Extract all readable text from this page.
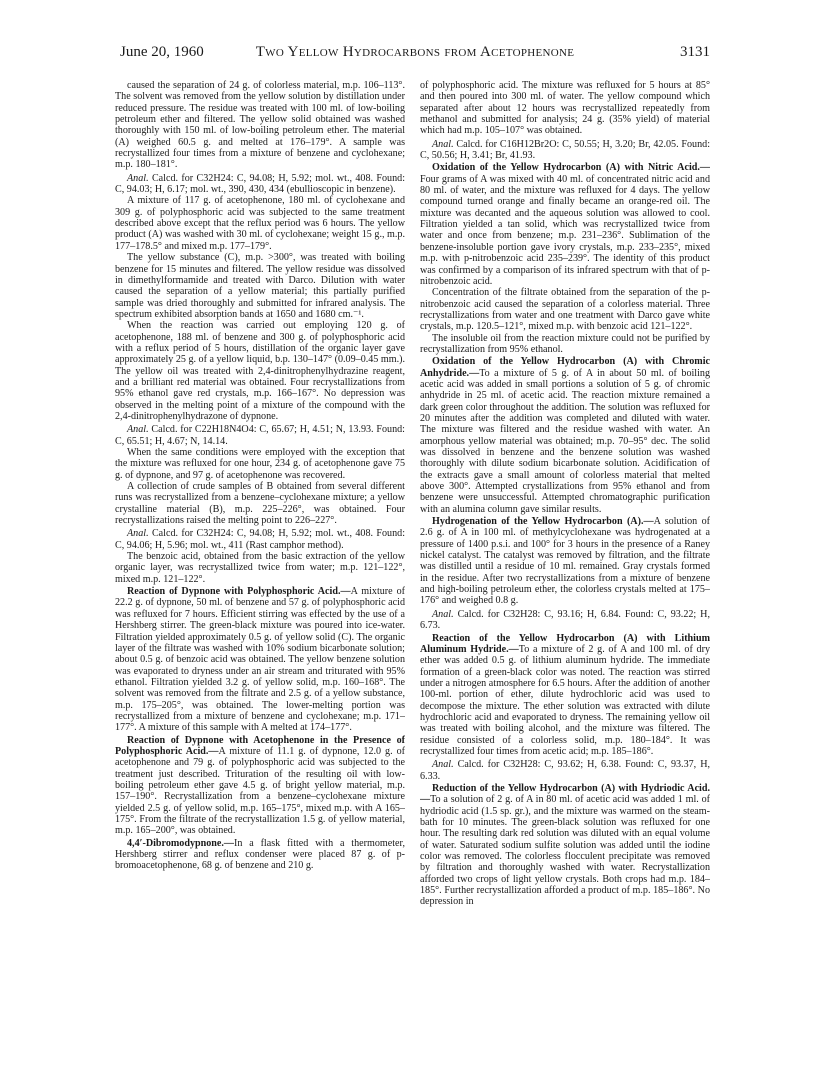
June 20, 1960	Two Yellow Hydrocarbons from Acetophenone	3131

caused the separation of 24 g. of colorless material, m.p. 106–113°. The solvent was removed from the yellow solution by distillation under reduced pressure. The residue was treated with 100 ml. of low-boiling petroleum ether and filtered. The yellow solid obtained was washed thoroughly with 150 ml. of low-boiling petroleum ether. The material (A) weighed 60.5 g. and melted at 176–179°. A sample was recrystallized four times from a mixture of benzene and cyclohexane; m.p. 180–181°.

Anal. Calcd. for C32H24: C, 94.08; H, 5.92; mol. wt., 408. Found: C, 94.03; H, 6.17; mol. wt., 390, 430, 434 (ebullioscopic in benzene).

A mixture of 117 g. of acetophenone, 180 ml. of cyclohexane and 309 g. of polyphosphoric acid was subjected to the same treatment described above except that the reflux period was 6 hours. The yellow product (A) was washed with 30 ml. of cyclohexane; weight 15 g., m.p. 177–178.5° and mixed m.p. 177–179°.

The yellow substance (C), m.p. >300°, was treated with boiling benzene for 15 minutes and filtered. The yellow residue was dissolved in dimethylformamide and treated with Darco. Dilution with water caused the separation of a yellow material; this partially purified sample was dried thoroughly and submitted for infrared analysis. The spectrum exhibited absorption bands at 1650 and 1680 cm.⁻¹.

When the reaction was carried out employing 120 g. of acetophenone, 188 ml. of benzene and 300 g. of polyphosphoric acid with a reflux period of 5 hours, distillation of the organic layer gave approximately 25 g. of a yellow liquid, b.p. 130–147° (0.09–0.45 mm.). The yellow oil was treated with 2,4-dinitrophenylhydrazine reagent, and a brilliant red material was obtained. Four recrystallizations from 95% ethanol gave red crystals, m.p. 166–167°. No depression was observed in the melting point of a mixture of the compound with the 2,4-dinitrophenylhydrazone of dypnone.

Anal. Calcd. for C22H18N4O4: C, 65.67; H, 4.51; N, 13.93. Found: C, 65.51; H, 4.67; N, 14.14.

When the same conditions were employed with the exception that the mixture was refluxed for one hour, 234 g. of acetophenone gave 75 g. of dypnone, and 97 g. of acetophenone was recovered.

A collection of crude samples of B obtained from several different runs was recrystallized from a benzene–cyclohexane mixture; a yellow crystalline material (B), m.p. 225–226°, was obtained. Four recrystallizations raised the melting point to 226–227°.

Anal. Calcd. for C32H24: C, 94.08; H, 5.92; mol. wt., 408. Found: C, 94.06; H, 5.96; mol. wt., 411 (Rast camphor method).

The benzoic acid, obtained from the basic extraction of the yellow organic layer, was recrystallized twice from water; m.p. 121–122°, mixed m.p. 121–122°.

Reaction of Dypnone with Polyphosphoric Acid.—A mixture of 22.2 g. of dypnone, 50 ml. of benzene and 57 g. of polyphosphoric acid was refluxed for 7 hours. Efficient stirring was effected by the use of a Hershberg stirrer. The green-black mixture was poured into ice-water. Filtration yielded approximately 0.5 g. of yellow solid (C). The organic layer of the filtrate was washed with 10% sodium bicarbonate solution; about 0.5 g. of benzoic acid was obtained. The yellow benzene solution was evaporated to dryness under an air stream and triturated with 95% ethanol. Filtration yielded 3.2 g. of yellow solid, m.p. 160–168°. The solvent was removed from the filtrate and 2.5 g. of a yellow substance, m.p. 175–205°, was obtained. The lower-melting portion was recrystallized from a mixture of benzene and cyclohexane; m.p. 171–177°. A mixture of this sample with A melted at 174–177°.

Reaction of Dypnone with Acetophenone in the Presence of Polyphosphoric Acid.—A mixture of 11.1 g. of dypnone, 12.0 g. of acetophenone and 79 g. of polyphosphoric acid was subjected to the treatment just described. Trituration of the resulting oil with low-boiling petroleum ether gave 4.5 g. of bright yellow material, m.p. 157–190°. Recrystallization from a benzene–cyclohexane mixture yielded 2.5 g. of yellow solid, m.p. 165–175°, mixed m.p. with A 165–175°. From the filtrate of the recrystallization 1.5 g. of yellow material, m.p. 165–200°, was obtained.

4,4′-Dibromodypnone.—In a flask fitted with a thermometer, Hershberg stirrer and reflux condenser were placed 87 g. of p-bromoacetophenone, 68 g. of benzene and 210 g.

of polyphosphoric acid. The mixture was refluxed for 5 hours at 85° and then poured into 300 ml. of water. The yellow compound which separated after about 12 hours was recrystallized repeatedly from methanol and submitted for analysis; 24 g. (35% yield) of material which had m.p. 105–107° was obtained.

Anal. Calcd. for C16H12Br2O: C, 50.55; H, 3.20; Br, 42.05. Found: C, 50.56; H, 3.41; Br, 41.93.

Oxidation of the Yellow Hydrocarbon (A) with Nitric Acid.—Four grams of A was mixed with 40 ml. of concentrated nitric acid and 80 ml. of water, and the mixture was refluxed for 4 days. The yellow compound turned orange and finally became an orange-red oil. The mixture was decanted and the aqueous solution was allowed to cool. Filtration yielded a tan solid, which was recrystallized twice from water and once from benzene; m.p. 231–236°. Sublimation of the benzene-insoluble portion gave ivory crystals, m.p. 233–235°, mixed m.p. with p-nitrobenzoic acid 235–239°. The identity of this product was confirmed by a comparison of its infrared spectrum with that of p-nitrobenzoic acid.

Concentration of the filtrate obtained from the separation of the p-nitrobenzoic acid caused the separation of a colorless material. Three recrystallizations from water and one treatment with Darco gave white crystals, m.p. 120.5–121°, mixed m.p. with benzoic acid 121–122°.

The insoluble oil from the reaction mixture could not be purified by recrystallization from 95% ethanol.

Oxidation of the Yellow Hydrocarbon (A) with Chromic Anhydride.—To a mixture of 5 g. of A in about 50 ml. of boiling acetic acid was added in small portions a solution of 5 g. of chromic anhydride in 25 ml. of acetic acid. The reaction mixture remained a dark green color throughout the addition. The solution was refluxed for 20 minutes after the addition was completed and diluted with water. The mixture was filtered and the residue washed with water. An amorphous yellow material was obtained; m.p. 70–95° dec. The solid was dissolved in benzene and the benzene solution was washed thoroughly with dilute sodium bicarbonate solution. Acidification of the extracts gave a small amount of colorless material that melted above 300°. Attempted crystallizations from 95% ethanol and from benzene were unsuccessful. Attempted chromatographic purification with an alumina column gave similar results.

Hydrogenation of the Yellow Hydrocarbon (A).—A solution of 2.6 g. of A in 100 ml. of methylcyclohexane was hydrogenated at a pressure of 1400 p.s.i. and 100° for 3 hours in the presence of a Raney nickel catalyst. The catalyst was removed by filtration, and the filtrate was distilled until a residue of 10 ml. remained. Gray crystals formed in the residue. After two recrystallizations from a mixture of benzene and high-boiling petroleum ether, the colorless crystals melted at 175–176° and weighed 0.8 g.

Anal. Calcd. for C32H28: C, 93.16; H, 6.84. Found: C, 93.22; H, 6.73.

Reaction of the Yellow Hydrocarbon (A) with Lithium Aluminum Hydride.—To a mixture of 2 g. of A and 100 ml. of dry ether was added 0.5 g. of lithium aluminum hydride. The immediate formation of a green-black color was noted. The reaction was stirred under a nitrogen atmosphere for 6.5 hours. After the addition of another 100-ml. portion of ether, dilute hydrochloric acid was used to decompose the mixture. The ether solution was extracted with dilute hydrochloric acid and evaporated to dryness. The remaining yellow oil was treated with boiling alcohol, and the mixture was filtered. The residue consisted of a colorless solid, m.p. 180–184°. It was recrystallized four times from acetic acid; m.p. 185–186°.

Anal. Calcd. for C32H28: C, 93.62; H, 6.38. Found: C, 93.37, H, 6.33.

Reduction of the Yellow Hydrocarbon (A) with Hydriodic Acid.—To a solution of 2 g. of A in 80 ml. of acetic acid was added 1 ml. of hydriodic acid (1.5 sp. gr.), and the mixture was warmed on the steam-bath for 10 minutes. The green-black solution was refluxed for one hour. The resulting dark red solution was diluted with an equal volume of water. Saturated sodium sulfite solution was added until the iodine color was removed. The colorless flocculent precipitate was removed by filtration and thoroughly washed with water. Recrystallization afforded two crops of light yellow crystals. Both crops had m.p. 184–185°. Further recrystallization afforded a product of m.p. 185–186°. No depression in
